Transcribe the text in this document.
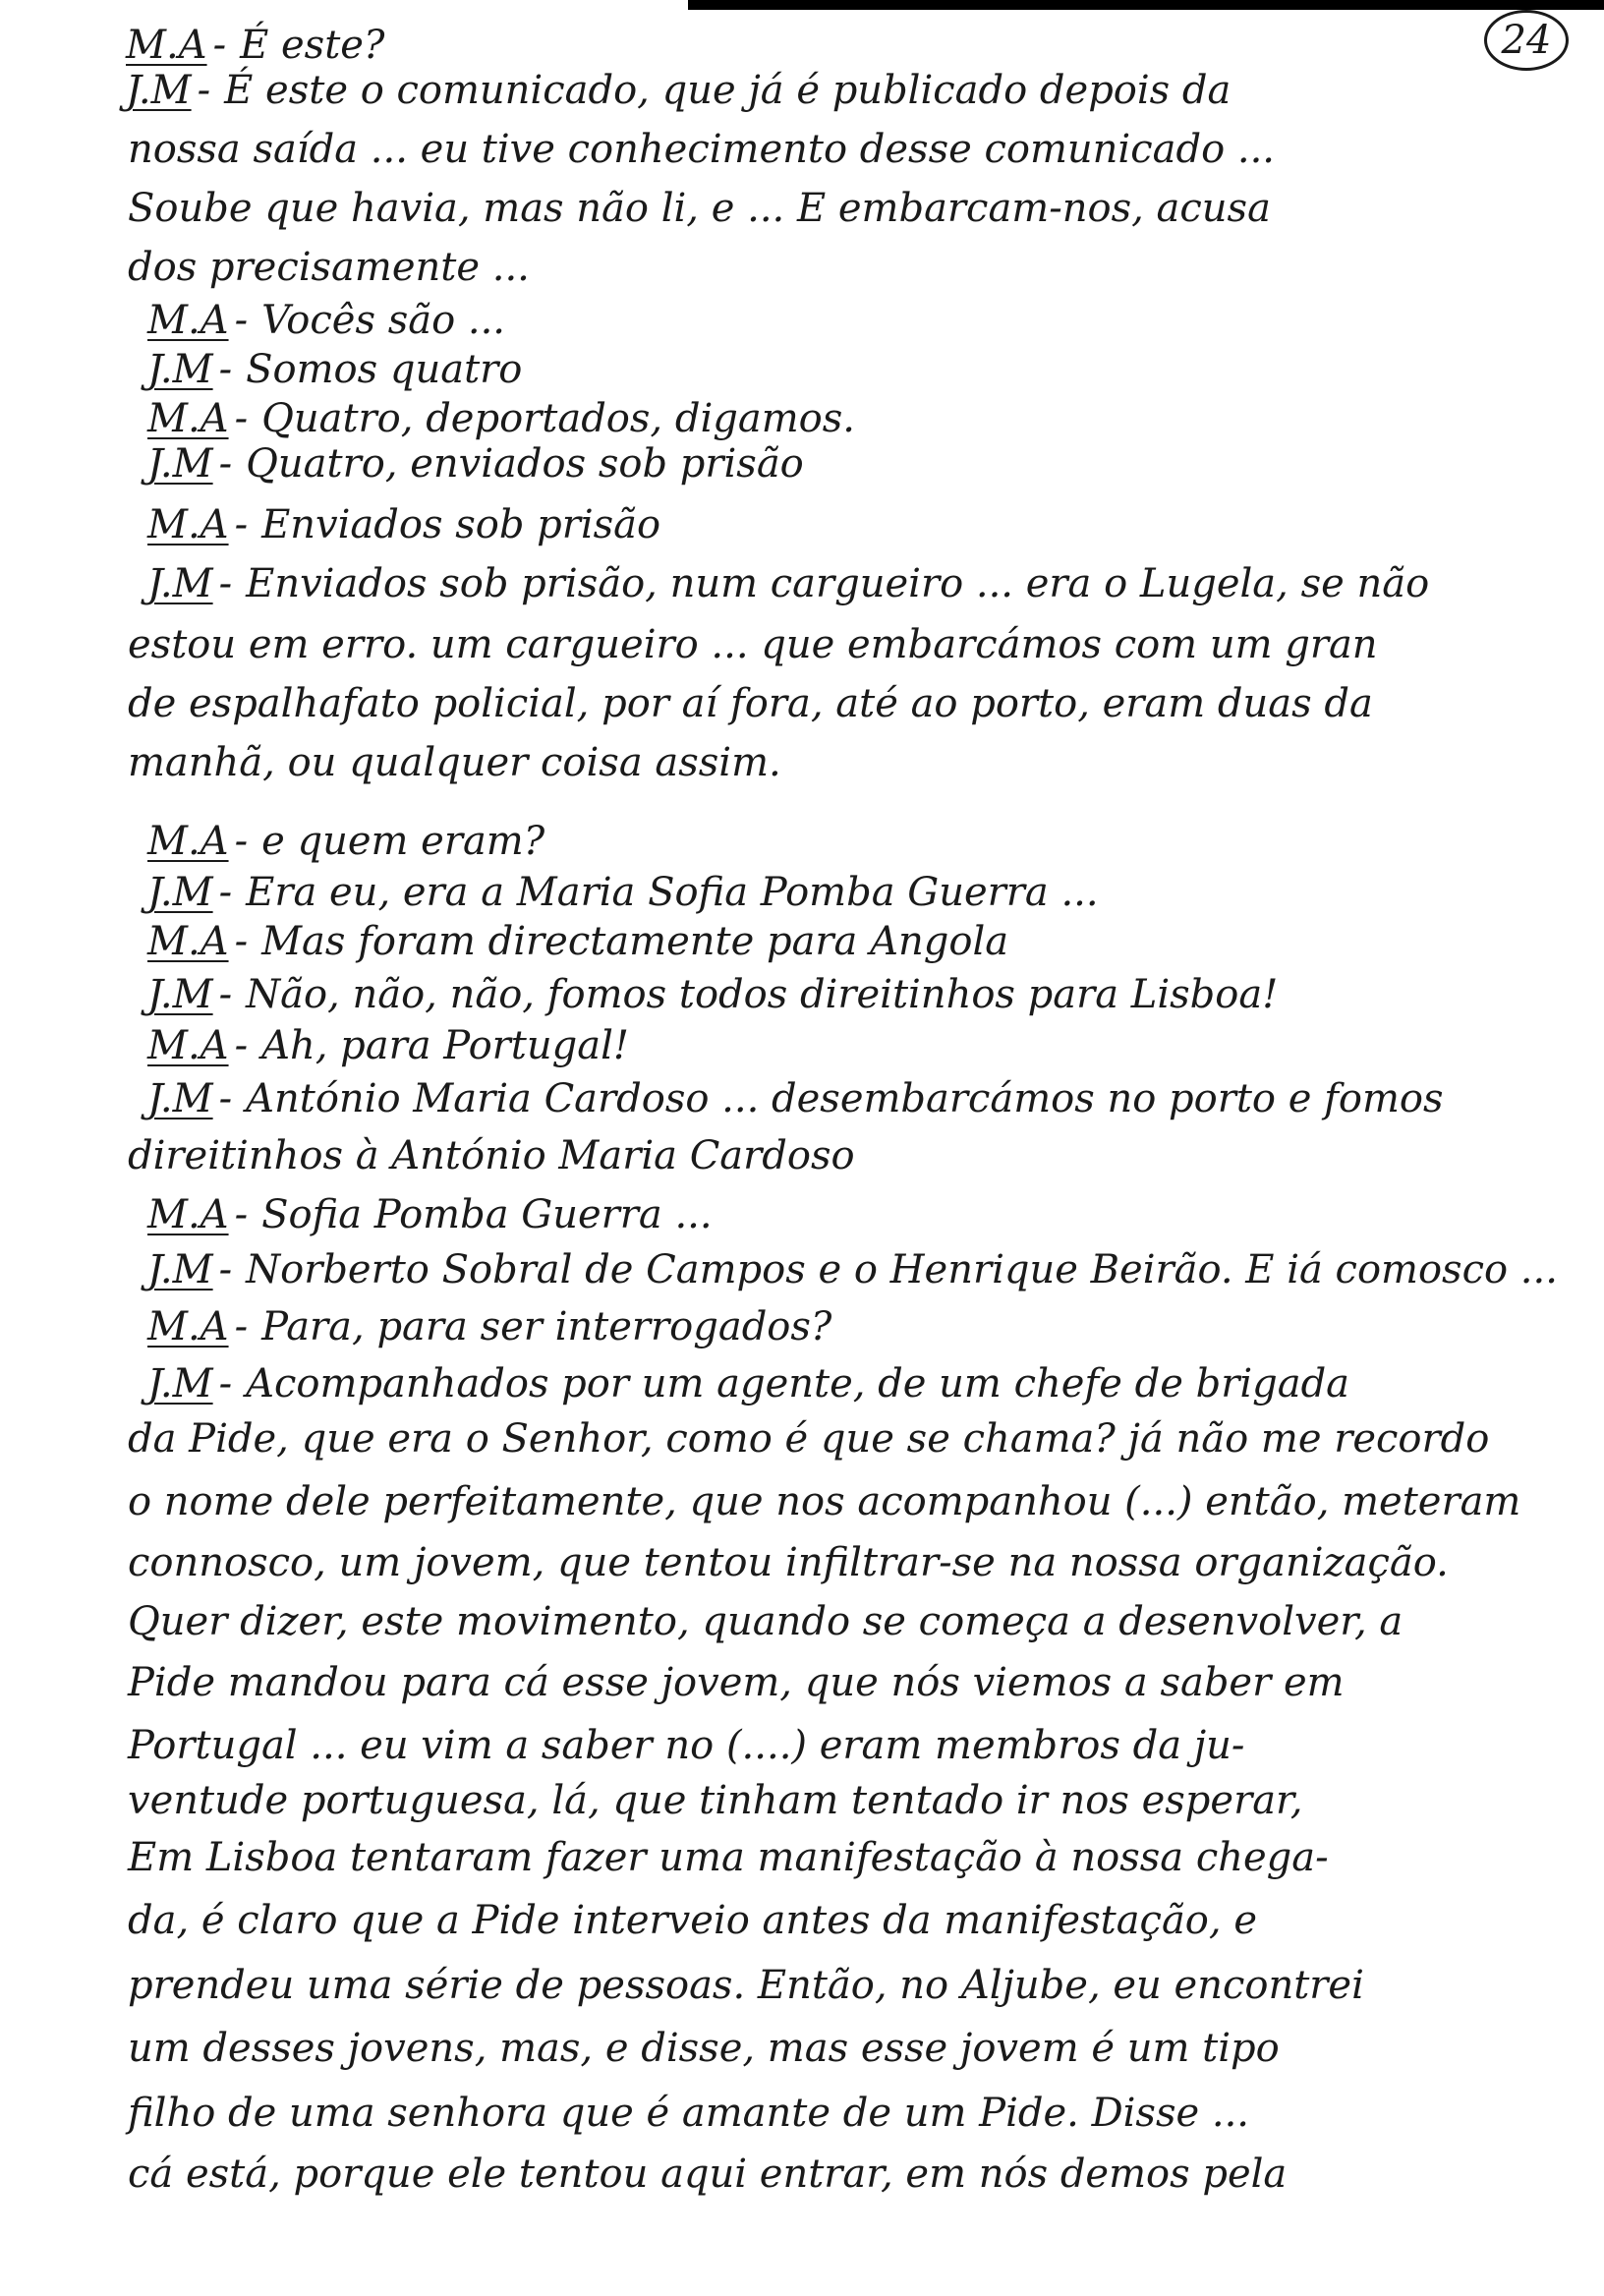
24
M.A - É este?
J.M - É este o comunicado, que já é publicado depois da
nossa saída ... eu tive conhecimento desse comunicado ...
Soube que havia, mas não li, e ... E embarcam-nos, acusa
dos precisamente ...
M.A - Vocês são ...
J.M - Somos quatro
M.A - Quatro, deportados, digamos.
J.M - Quatro, enviados sob prisão
M.A - Enviados sob prisão
J.M - Enviados sob prisão, num cargueiro ... era o Lugela, se não
estou em erro. um cargueiro ... que embarcámos com um gran
de espalhafato policial, por aí fora, até ao porto, eram duas da
manhã, ou qualquer coisa assim.
M.A - e quem eram?
J.M - Era eu, era a Maria Sofia Pomba Guerra ...
M.A - Mas foram directamente para Angola
J.M - Não, não, não, fomos todos direitinhos para Lisboa!
M.A - Ah, para Portugal!
J.M - António Maria Cardoso ... desembarcámos no porto e fomos
direitinhos à António Maria Cardoso
M.A - Sofia Pomba Guerra ...
J.M - Norberto Sobral de Campos e o Henrique Beirão. E iá comosco ...
M.A - Para, para ser interrogados?
J.M - Acompanhados por um agente, de um chefe de brigada
da Pide, que era o Senhor, como é que se chama? já não me recordo
o nome dele perfeitamente, que nos acompanhou (...) então, meteram
connosco, um jovem, que tentou infiltrar-se na nossa organização.
Quer dizer, este movimento, quando se começa a desenvolver, a
Pide mandou para cá esse jovem, que nós viemos a saber em
Portugal ... eu vim a saber no (....) eram membros da ju-
ventude portuguesa, lá, que tinham tentado ir nos esperar,
Em Lisboa tentaram fazer uma manifestação à nossa chega-
da, é claro que a Pide interveio antes da manifestação, e
prendeu uma série de pessoas. Então, no Aljube, eu encontrei
um desses jovens, mas, e disse, mas esse jovem é um tipo
filho de uma senhora que é amante de um Pide. Disse ...
cá está, porque ele tentou aqui entrar, em nós demos pela
